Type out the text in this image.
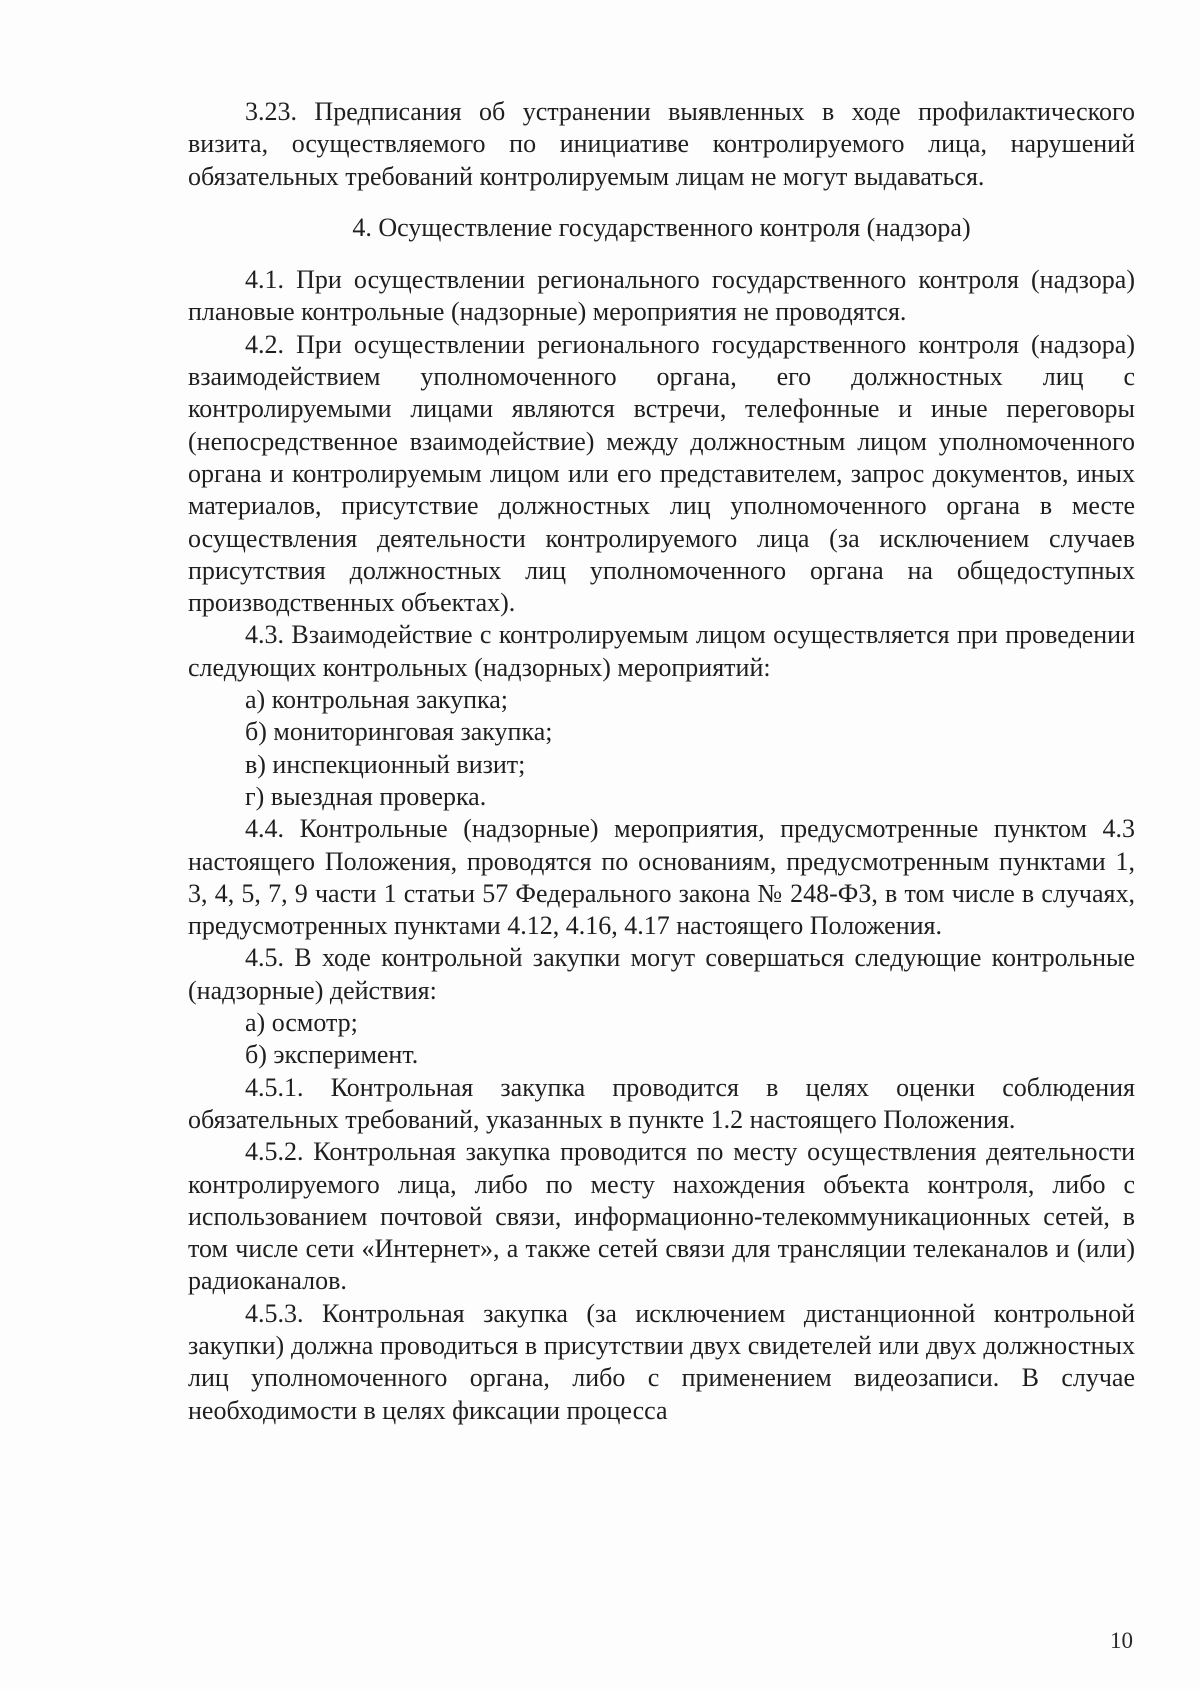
3.23. Предписания об устранении выявленных в ходе профилактического визита, осуществляемого по инициативе контролируемого лица, нарушений обязательных требований контролируемым лицам не могут выдаваться.

4. Осуществление государственного контроля (надзора)

4.1. При осуществлении регионального государственного контроля (надзора) плановые контрольные (надзорные) мероприятия не проводятся.

4.2. При осуществлении регионального государственного контроля (надзора) взаимодействием уполномоченного органа, его должностных лиц с контролируемыми лицами являются встречи, телефонные и иные переговоры (непосредственное взаимодействие) между должностным лицом уполномоченного органа и контролируемым лицом или его представителем, запрос документов, иных материалов, присутствие должностных лиц уполномоченного органа в месте осуществления деятельности контролируемого лица (за исключением случаев присутствия должностных лиц уполномоченного органа на общедоступных производственных объектах).

4.3. Взаимодействие с контролируемым лицом осуществляется при проведении следующих контрольных (надзорных) мероприятий:

а) контрольная закупка;

б) мониторинговая закупка;

в) инспекционный визит;

г) выездная проверка.

4.4. Контрольные (надзорные) мероприятия, предусмотренные пунктом 4.3 настоящего Положения, проводятся по основаниям, предусмотренным пунктами 1, 3, 4, 5, 7, 9 части 1 статьи 57 Федерального закона № 248-ФЗ, в том числе в случаях, предусмотренных пунктами 4.12, 4.16, 4.17 настоящего Положения.

4.5. В ходе контрольной закупки могут совершаться следующие контрольные (надзорные) действия:

а) осмотр;

б) эксперимент.

4.5.1. Контрольная закупка проводится в целях оценки соблюдения обязательных требований, указанных в пункте 1.2 настоящего Положения.

4.5.2. Контрольная закупка проводится по месту осуществления деятельности контролируемого лица, либо по месту нахождения объекта контроля, либо с использованием почтовой связи, информационно-телекоммуникационных сетей, в том числе сети «Интернет», а также сетей связи для трансляции телеканалов и (или) радиоканалов.

4.5.3. Контрольная закупка (за исключением дистанционной контрольной закупки) должна проводиться в присутствии двух свидетелей или двух должностных лиц уполномоченного органа, либо с применением видеозаписи. В случае необходимости в целях фиксации процесса

10
